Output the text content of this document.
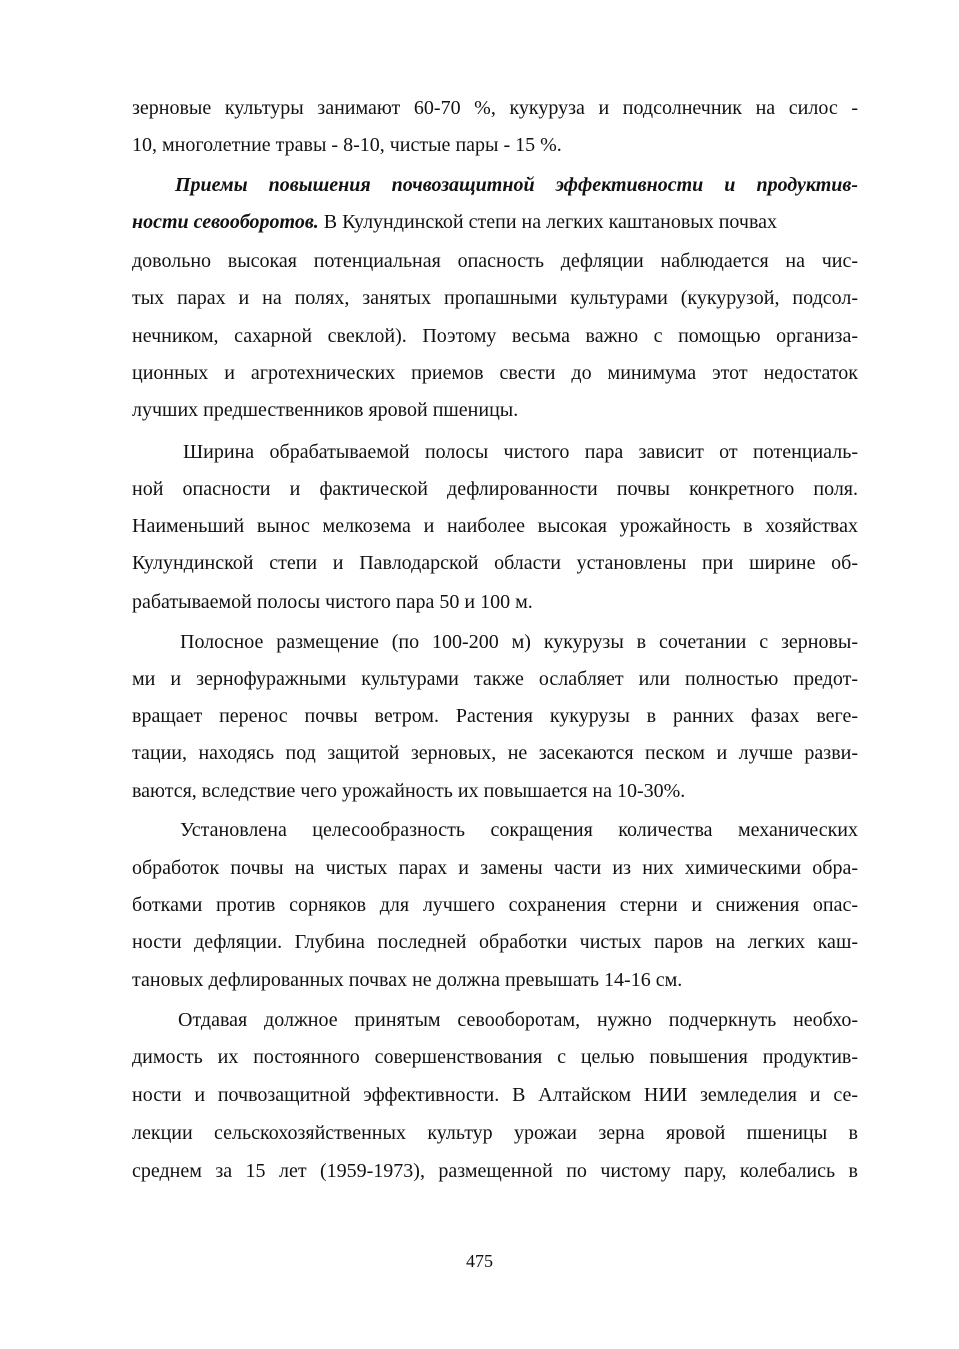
зерновые культуры занимают 60-70 %, кукуруза и подсолнечник на силос -
10, многолетние травы - 8-10, чистые пары - 15 %.
Приемы повышения почвозащитной эффективности и продуктив-
ности севооборотов. В Кулундинской степи на легких каштановых почвах
довольно высокая потенциальная опасность дефляции наблюдается на чис-
тых парах и на полях, занятых пропашными культурами (кукурузой, подсол-
нечником, сахарной свеклой). Поэтому весьма важно с помощью организа-
ционных и агротехнических приемов свести до минимума этот недостаток
лучших предшественников яровой пшеницы.
Ширина обрабатываемой полосы чистого пара зависит от потенциаль-
ной опасности и фактической дефлированности почвы конкретного поля.
Наименьший вынос мелкозема и наиболее высокая урожайность в хозяйствах
Кулундинской степи и Павлодарской области установлены при ширине об-
рабатываемой полосы чистого пара 50 и 100 м.
Полосное размещение (по 100-200 м) кукурузы в сочетании с зерновы-
ми и зернофуражными культурами также ослабляет или полностью предот-
вращает перенос почвы ветром. Растения кукурузы в ранних фазах веге-
тации, находясь под защитой зерновых, не засекаются песком и лучше разви-
ваются, вследствие чего урожайность их повышается на 10-30%.
Установлена целесообразность сокращения количества механических
обработок почвы на чистых парах и замены части из них химическими обра-
ботками против сорняков для лучшего сохранения стерни и снижения опас-
ности дефляции. Глубина последней обработки чистых паров на легких каш-
тановых дефлированных почвах не должна превышать 14-16 см.
Отдавая должное принятым севооборотам, нужно подчеркнуть необхо-
димость их постоянного совершенствования с целью повышения продуктив-
ности и почвозащитной эффективности. В Алтайском НИИ земледелия и се-
лекции сельскохозяйственных культур урожаи зерна яровой пшеницы в
среднем за 15 лет (1959-1973), размещенной по чистому пару, колебались в
475
